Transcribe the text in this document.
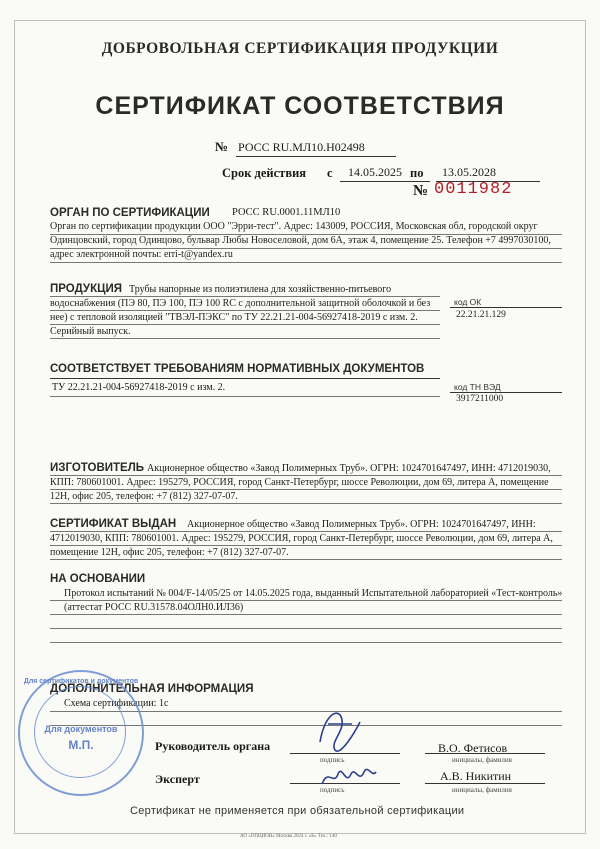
ДОБРОВОЛЬНАЯ СЕРТИФИКАЦИЯ ПРОДУКЦИИ
СЕРТИФИКАТ СООТВЕТСТВИЯ
№ РОСС RU.МЛ10.Н02498
Срок действия с 14.05.2025 по 13.05.2028
№ 0011982
ОРГАН ПО СЕРТИФИКАЦИИ РОСС RU.0001.11МЛ10
Орган по сертификации продукции ООО "Эрри-тест". Адрес: 143009, РОССИЯ, Московская обл, городской округ Одинцовский, город Одинцово, бульвар Любы Новоселовой, дом 6А, этаж 4, помещение 25. Телефон +7 4997030100, адрес электронной почты: erri-t@yandex.ru
ПРОДУКЦИЯ Трубы напорные из полиэтилена для хозяйственно-питьевого
водоснабжения (ПЭ 80, ПЭ 100, ПЭ 100 RC с дополнительной защитной оболочкой и без нее) с тепловой изоляцией "ТВЭЛ-ПЭКС" по ТУ 22.21.21-004-56927418-2019 с изм. 2. Серийный выпуск.
код ОК
22.21.21.129
СООТВЕТСТВУЕТ ТРЕБОВАНИЯМ НОРМАТИВНЫХ ДОКУМЕНТОВ
ТУ 22.21.21-004-56927418-2019 с изм. 2.	код ТН ВЭД
3917211000
ИЗГОТОВИТЕЛЬ Акционерное общество «Завод Полимерных Труб». ОГРН: 1024701647497, ИНН: 4712019030,
КПП: 780601001. Адрес: 195279, РОССИЯ, город Санкт-Петербург, шоссе Революции, дом 69, литера А, помещение 12Н, офис 205, телефон: +7 (812) 327-07-07.
СЕРТИФИКАТ ВЫДАН Акционерное общество «Завод Полимерных Труб». ОГРН: 1024701647497, ИНН:
4712019030, КПП: 780601001. Адрес: 195279, РОССИЯ, город Санкт-Петербург, шоссе Революции, дом 69, литера А, помещение 12Н, офис 205, телефон: +7 (812) 327-07-07.
НА ОСНОВАНИИ
Протокол испытаний № 004/F-14/05/25 от 14.05.2025 года, выданный Испытательной лабораторией «Тест-контроль» (аттестат РОСС RU.31578.04ОЛН0.ИЛ36)
ДОПОЛНИТЕЛЬНАЯ ИНФОРМАЦИЯ
Схема сертификации: 1с
Для сертификатов и документов
Для документов
М.П.	Руководитель органа
подпись
В.О. Фетисов
инициалы, фамилия
Эксперт
подпись
А.В. Никитин
инициалы, фамилия
Сертификат не применяется при обязательной сертификации
АО «ОПЦИОН» Москва 2024 г. «Б» Тел.: 140
